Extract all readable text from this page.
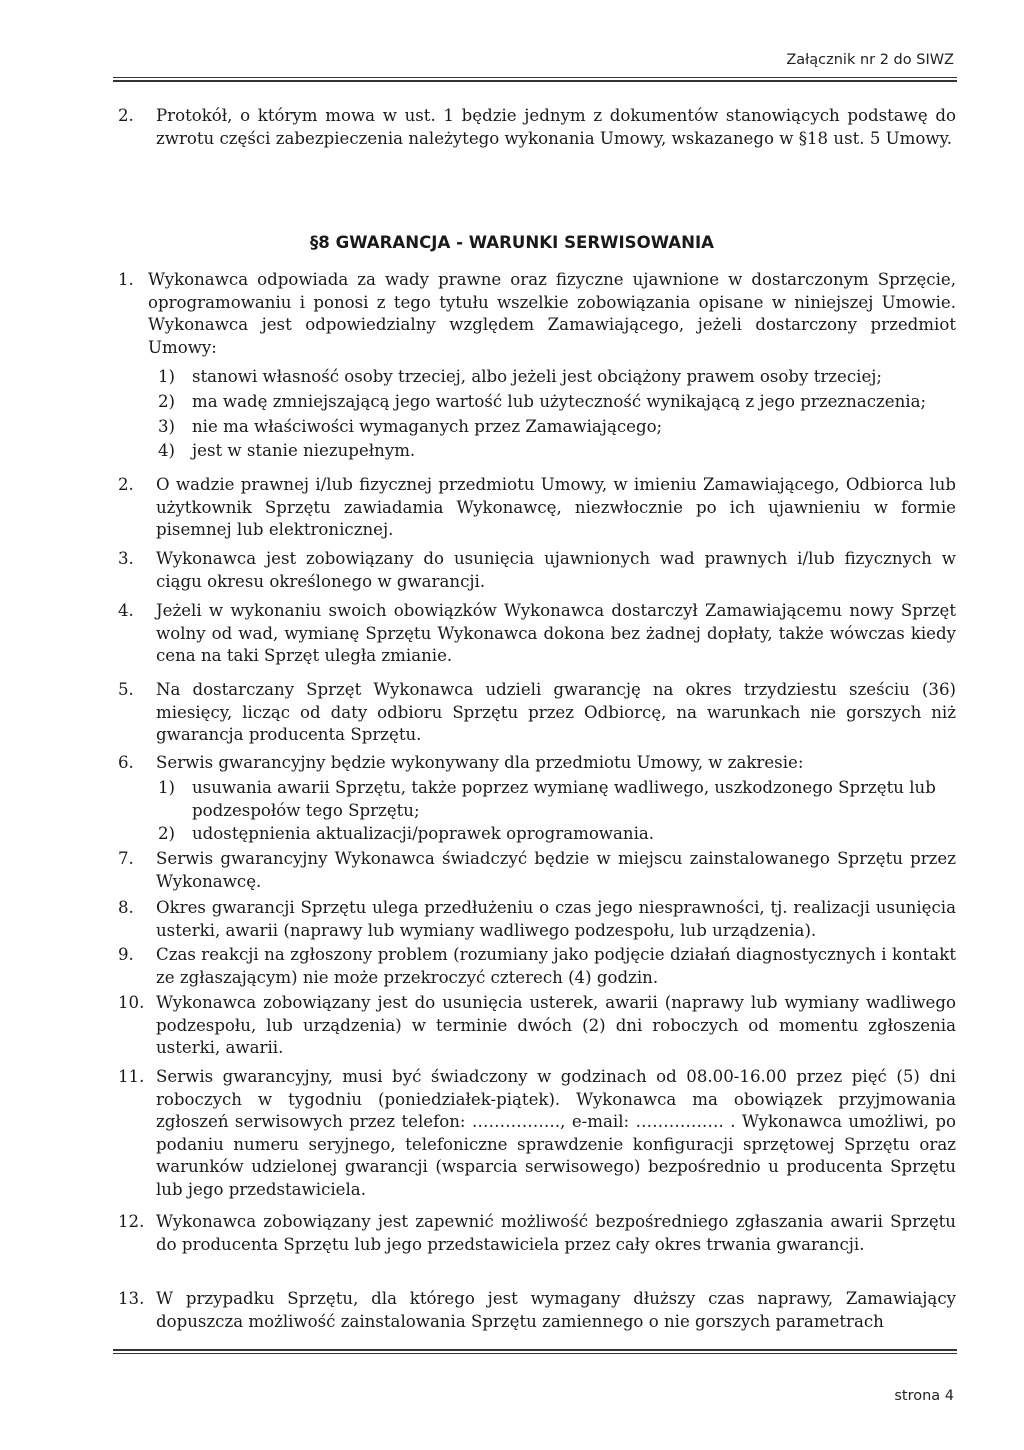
Załącznik nr 2 do SIWZ
2. Protokół, o którym mowa w ust. 1 będzie jednym z dokumentów stanowiących podstawę do zwrotu części zabezpieczenia należytego wykonania Umowy, wskazanego w §18 ust. 5 Umowy.
§8 GWARANCJA - WARUNKI SERWISOWANIA
1. Wykonawca odpowiada za wady prawne oraz fizyczne ujawnione w dostarczonym Sprzęcie, oprogramowaniu i ponosi z tego tytułu wszelkie zobowiązania opisane w niniejszej Umowie. Wykonawca jest odpowiedzialny względem Zamawiającego, jeżeli dostarczony przedmiot Umowy:
1) stanowi własność osoby trzeciej, albo jeżeli jest obciążony prawem osoby trzeciej;
2) ma wadę zmniejszającą jego wartość lub użyteczność wynikającą z jego przeznaczenia;
3) nie ma właściwości wymaganych przez Zamawiającego;
4) jest w stanie niezupełnym.
2. O wadzie prawnej i/lub fizycznej przedmiotu Umowy, w imieniu Zamawiającego, Odbiorca lub użytkownik Sprzętu zawiadamia Wykonawcę, niezwłocznie po ich ujawnieniu w formie pisemnej lub elektronicznej.
3. Wykonawca jest zobowiązany do usunięcia ujawnionych wad prawnych i/lub fizycznych w ciągu okresu określonego w gwarancji.
4. Jeżeli w wykonaniu swoich obowiązków Wykonawca dostarczył Zamawiającemu nowy Sprzęt wolny od wad, wymianę Sprzętu Wykonawca dokona bez żadnej dopłaty, także wówczas kiedy cena na taki Sprzęt uległa zmianie.
5. Na dostarczany Sprzęt Wykonawca udzieli gwarancję na okres trzydziestu sześciu (36) miesięcy, licząc od daty odbioru Sprzętu przez Odbiorcę, na warunkach nie gorszych niż gwarancja producenta Sprzętu.
6. Serwis gwarancyjny będzie wykonywany dla przedmiotu Umowy, w zakresie:
1) usuwania awarii Sprzętu, także poprzez wymianę wadliwego, uszkodzonego Sprzętu lub podzespołów tego Sprzętu;
2) udostępnienia aktualizacji/poprawek oprogramowania.
7. Serwis gwarancyjny Wykonawca świadczyć będzie w miejscu zainstalowanego Sprzętu przez Wykonawcę.
8. Okres gwarancji Sprzętu ulega przedłużeniu o czas jego niesprawności, tj. realizacji usunięcia usterki, awarii (naprawy lub wymiany wadliwego podzespołu, lub urządzenia).
9. Czas reakcji na zgłoszony problem (rozumiany jako podjęcie działań diagnostycznych i kontakt ze zgłaszającym) nie może przekroczyć czterech (4) godzin.
10. Wykonawca zobowiązany jest do usunięcia usterek, awarii (naprawy lub wymiany wadliwego podzespołu, lub urządzenia) w terminie dwóch (2) dni roboczych od momentu zgłoszenia usterki, awarii.
11. Serwis gwarancyjny, musi być świadczony w godzinach od 08.00-16.00 przez pięć (5) dni roboczych w tygodniu (poniedziałek-piątek). Wykonawca ma obowiązek przyjmowania zgłoszeń serwisowych przez telefon: ……………., e-mail: ……………. . Wykonawca umożliwi, po podaniu numeru seryjnego, telefoniczne sprawdzenie konfiguracji sprzętowej Sprzętu oraz warunków udzielonej gwarancji (wsparcia serwisowego) bezpośrednio u producenta Sprzętu lub jego przedstawiciela.
12. Wykonawca zobowiązany jest zapewnić możliwość bezpośredniego zgłaszania awarii Sprzętu do producenta Sprzętu lub jego przedstawiciela przez cały okres trwania gwarancji.
13. W przypadku Sprzętu, dla którego jest wymagany dłuższy czas naprawy, Zamawiający dopuszcza możliwość zainstalowania Sprzętu zamiennego o nie gorszych parametrach
strona 4
